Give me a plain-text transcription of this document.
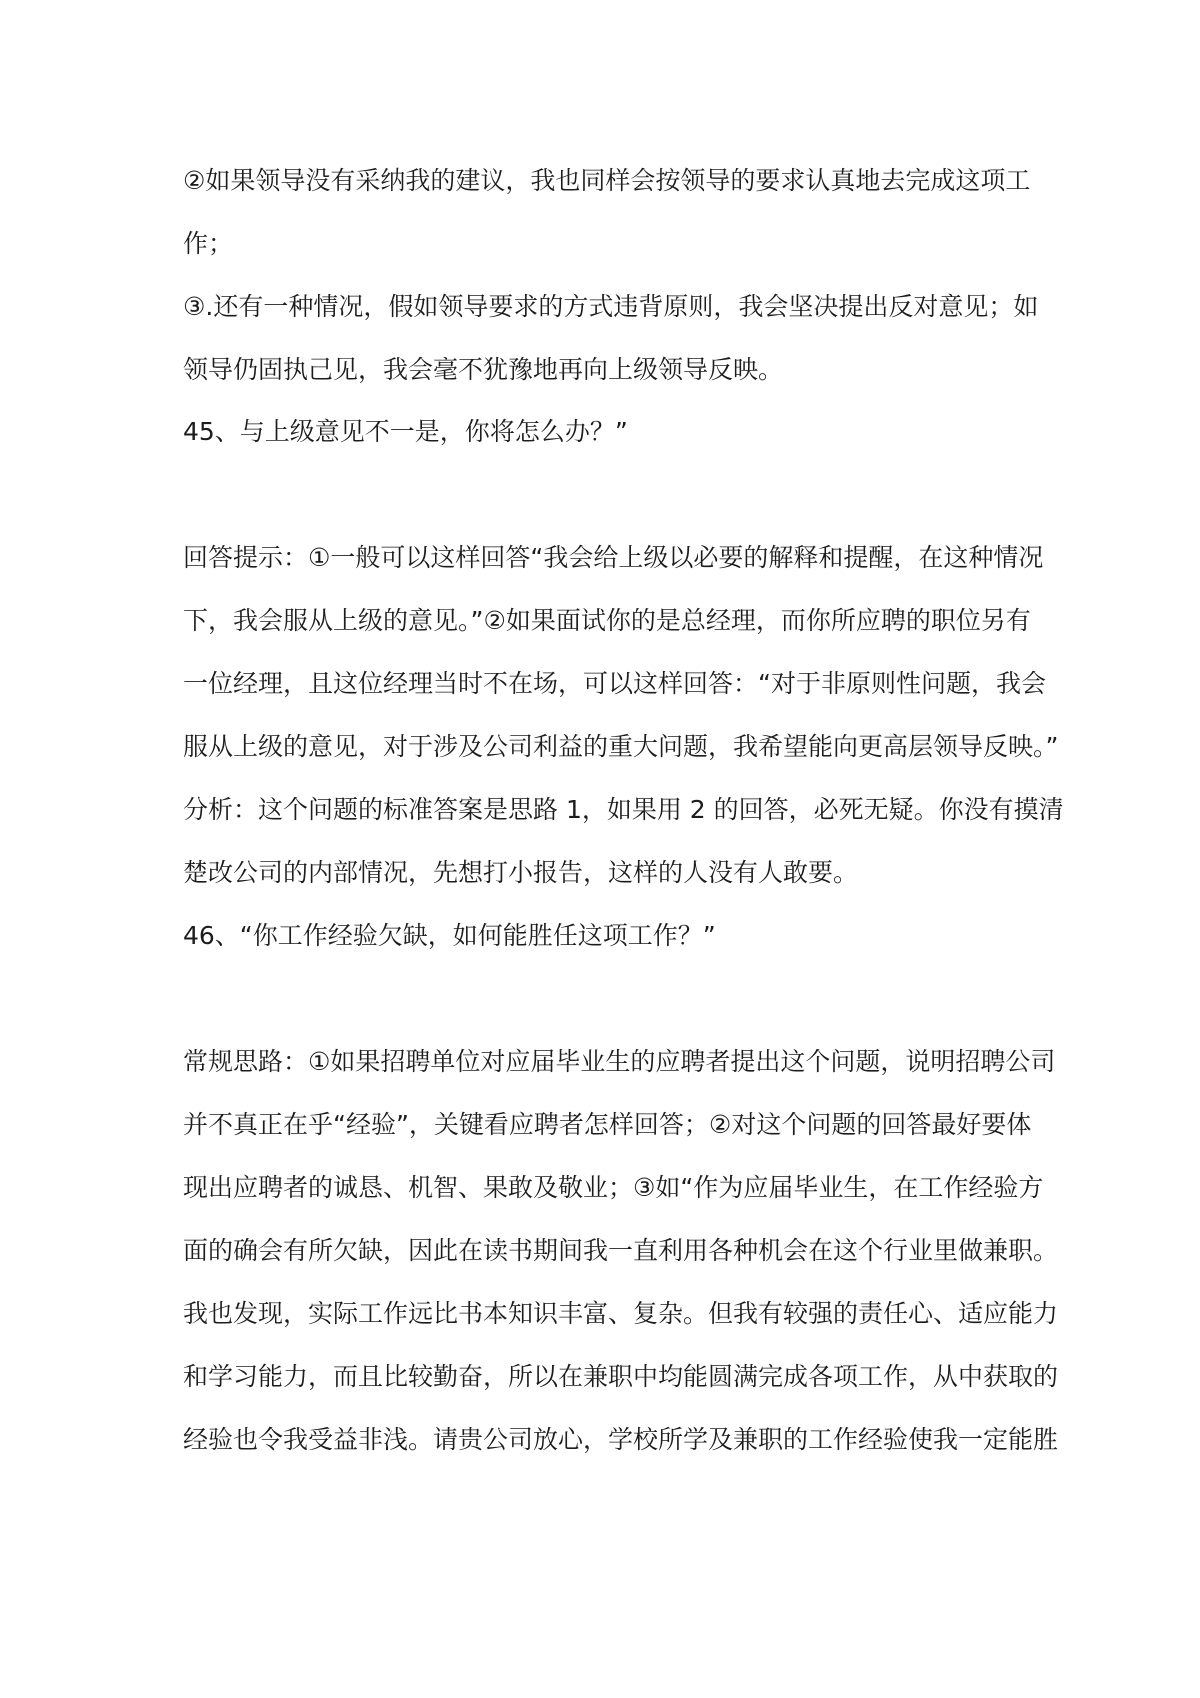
②如果领导没有采纳我的建议，我也同样会按领导的要求认真地去完成这项工

作；

③.还有一种情况，假如领导要求的方式违背原则，我会坚决提出反对意见；如

领导仍固执己见，我会毫不犹豫地再向上级领导反映。

45、与上级意见不一是，你将怎么办？”

回答提示：①一般可以这样回答“我会给上级以必要的解释和提醒，在这种情况

下，我会服从上级的意见。”②如果面试你的是总经理，而你所应聘的职位另有

一位经理，且这位经理当时不在场，可以这样回答：“对于非原则性问题，我会

服从上级的意见，对于涉及公司利益的重大问题，我希望能向更高层领导反映。”

分析：这个问题的标准答案是思路 1，如果用 2 的回答，必死无疑。你没有摸清

楚改公司的内部情况，先想打小报告，这样的人没有人敢要。

46、“你工作经验欠缺，如何能胜任这项工作？”

常规思路：①如果招聘单位对应届毕业生的应聘者提出这个问题，说明招聘公司

并不真正在乎“经验”，关键看应聘者怎样回答；②对这个问题的回答最好要体

现出应聘者的诚恳、机智、果敢及敬业；③如“作为应届毕业生，在工作经验方

面的确会有所欠缺，因此在读书期间我一直利用各种机会在这个行业里做兼职。

我也发现，实际工作远比书本知识丰富、复杂。但我有较强的责任心、适应能力

和学习能力，而且比较勤奋，所以在兼职中均能圆满完成各项工作，从中获取的

经验也令我受益非浅。请贵公司放心，学校所学及兼职的工作经验使我一定能胜
